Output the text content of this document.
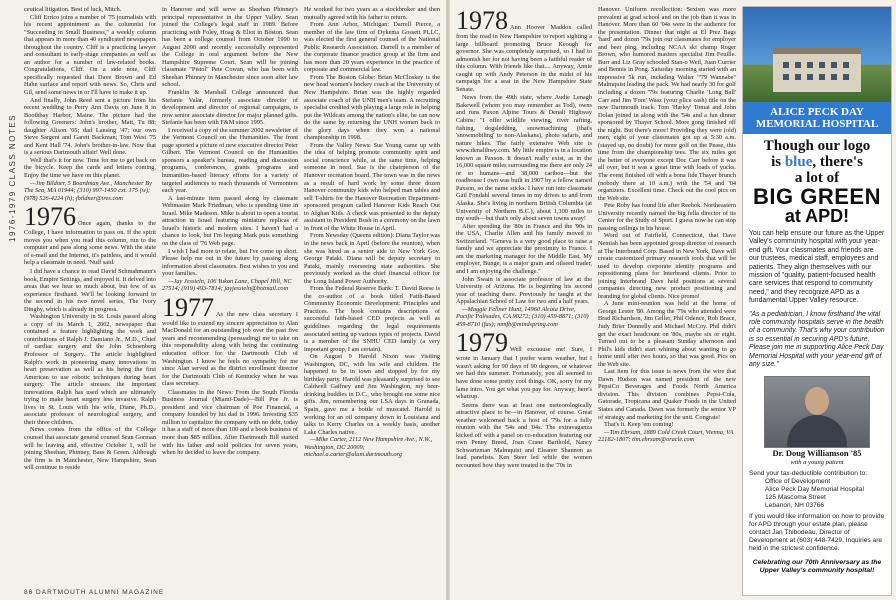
1976-1979 CLASS NOTES

ceutical litigation. Best of luck, Mitch.

Cliff Errico joins a number of '75 journalists with his recent appointment as the columnist for "Succeeding in Small Business," a weekly column that appears in more than 40 syndicated newspapers throughout the country. Cliff is a practicing lawyer and consultant to early-stage companies as well as an author for a number of law-related books. Congratulations, Cliff. On a side note, Cliff specifically requested that Dave Brown and Ed Hahn surface and report with news. So, Chris and Gil, send some news in or I'll have to make it up.

And finally, John Reed sent a picture from his recent wedding to Perry Ann Davis on June 8 in Boothbay Harbor, Maine. The picture had the following Greeners: John's brother, Matt, Tu 88; daughter Alison '05; dad Lansing '47; our own Steve Sargent and Garett Backman; Tom West '75 and Kent Hall '74. John's brother-in-law. Now that is a serious Dartmouth affair! Well done.

Well that's it for now. Time for me to get back on the bicycle. Keep the cards and letters coming. Enjoy the time we have on this planet.

—Jim Bildner, 5 Boardman Ave., Manchester By The Sea, MA 01944; (310) 997-1450 ext. 175 (w); (978) 526-4224 (h); jbildner@ires.com

1976 Once again, thanks to the College, I have information to pass on. If the spirit moves you when you read this column, run to the computer and pass along some news. With the state of e-mail and the Internet, it's painless, and it would help a classmate in need. 'Nuff said.

I did have a chance to read David Schmahmann's book, Empire Settings, and enjoyed it. It delved into areas that we hear so much about, but few of us experience firsthand. We'll be looking forward to the second in his two novel series, The Ivory Dinghy, which is already in progress.

Washington University in St. Louis passed along a copy of its March 1, 2002, newspaper that contained a feature highlighting the work and contributions of Ralph J. Damiano Jr., M.D., Chief of cardiac surgery and the John Schoenberg Professor of Surgery. The article highlighted Ralph's work in pioneering many innovations in heart preservation as well as his being the first American to use robotic techniques during heart surgery. The article stresses the important innovations Ralph has used which are ultimately trying to make heart surgery less invasive. Ralph lives in St. Louis with his wife, Diane, Ph.D., associate professor of neurological surgery, and their three children.

News comes from the office of the College counsel that associate general counsel Sean Gorman will be leaving and, effective October 1, will be joining Sheehan, Phinney, Bass & Green. Although the firm is in Manchester, New Hampshire, Sean will continue to reside

in Hanover and will serve as Sheehan Phinney's principal representative in the Upper Valley. Sean joined the College's legal staff in 1989. Before practicing with Foley, Hoag & Eliot in Boston. Sean has been a college counsel from October 1990 to August 2000 and recently successfully represented the College in oral argument before the New Hampshire Supreme Court. Sean will be joining classmate "Pistol" Pete Cowan, who has been with Sheehan Phinney in Manchester since soon after law school.

Franklin & Marshall College announced that Stefanie Valar, formerly associate director of development and director of regional campaigns, is now senior associate director for major planned gifts. Stefanie has been with F&M since 1995.

I received a copy of the summer 2002 newsletter of the Vermont Council on the Humanities. The front page sported a picture of new executive director Peter Gilbert. The Vermont Council on the Humanities sponsors a speaker's bureau, reading and discussion programs, conferences, grants programs and humanities-based literacy efforts for a variety of targeted audiences to reach thousands of Vermonters each year.

A last-minute item passed along by classmate Webmaster Mark Friedman, who is spending time in Israel. Mike Madeson. Mike is about to open a tourist attraction in Israel featuring miniature replicas of Israel's historic and modern sites. I haven't had a chance to look, but I'm hoping Mark puts something on the class of '76 Web page.

I wish I had more to relate, but I've come up short. Please help me out in the future by passing along information about classmates. Best wishes to you and your families.

—Jay Jessieln, 106 Yukon Lane, Chapel Hill, NC 27514; (919) 493-7814; jayjessieln@hotmail.com

1977 As the new class secretary I would like to extend my sincere appreciation to Alan MacDonald for an outstanding job over the past five years and recommending (persuading) me to take on this responsibility along with being the continuing education officer for the Dartmouth Club of Washington. I know he feels no sympathy for me since Alan served as the district enrollment director for the Dartmouth Club of Kentucky when he was class secretary.

Classmates in the News: From the South Florida Business Journal (Miami-Dade)—Bill Poe Jr. is president and vice chairman of Poe Financial, a company founded by his dad in 1996. Investing $35 million to capitalize the company with no debt, today it has a staff of more than 100 and a book business of more than $85 million. After Dartmouth Bill started with his father and sold policies for seven years, when he decided to leave the company.

He worked for two years as a stockbroker and then mutually agreed with his father to return.

From Ann Arbor, Michigan: Darrell Pierce, a member of the law firm of Dykema Gossett PLLC, was elected the first general counsel of the National Public Research Association. Darrell is a member of the corporate finance practice group at the firm and has more than 20 years experience in the practice of corporate and commercial law.

From The Boston Globe: Brian McCloskey is the new head women's hockey coach at the University of New Hampshire. Brian was the highly regarded associate coach of the UNH men's team. A recruiting specialist credited with playing a large role in helping put the Wildcats among the nation's elite, he can now do the same by returning the UNH women back to the glory days when they won a national championship in 1998.

From the Valley News: Sue Young came up with the idea of helping promote community spirit and social conscience while, at the same time, helping someone in need. Sue is the chairperson of the Hanover recreation board. The town was in the news as a result of hard work by some three dozen Hanover community kids who helped man tables and sell T-shirts for the Hanover Recreation Department-sponsored program called Hanover Kids Reach Out to Afghan Kids. A check was presented to the deputy assistant to President Bush in a ceremony on the lawn in front of the White House in April.

From Newsday (Queens edition): Diana Taylor was in the news back in April (before the reunion), when she was hired as a senior aide to New York Gov. George Pataki. Diana will be deputy secretary to Pataki, mainly overseeing state authorities. She previously worked as the chief financial officer for the Long Island Power Authority.

From the Federal Reserve Bank: T. David Reese is the co-author of a book titled Faith-Based Community Economic Development: Principles and Practices. The book contains descriptions of successful faith-based CED projects as well as guidelines regarding the legal requirements associated setting up various types of projects. David is a member of the SNHU CED family (a very important group, I am certain).

On August 9 Harold Nixon was visiting Washington, DC, with his wife and children. He happened to be in town and stopped by for my birthday party. Harold was pleasantly surprised to see Caldwell Gaffney and Jim Washington, my beer-drinking buddies in D.C., who brought me some nice gifts. Jim, remembering our LSA days in Granada, Spain, gave me a bottle of muscatel. Harold is working for an oil company down in Louisiana and talks to Kerry Charles on a weekly basis, another Lake Charles native.

—Mike Carter, 2112 New Hampshire Ave., N.W., Washington, DC 20009; michael.a.carter@alum.dartmouth.org

86 DARTMOUTH ALUMNI MAGAZINE
1978 Ann Hoover Maddox called from the road in New Hampshire to report sighting a large billboard promoting Bruce Keough for governor. She was completely surprised, so I had to admonish her for not having been a faithful reader of this column. With friends like that.... Anyway, Annie caught up with Andy Peterson in the midst of his campaign for a seat in the New Hampshire State Senate.

News from the 49th state, where Audie Lenagh Bakewell (whom you may remember as Tod), owns and runs Paxon Alpine Tours & Denali Highway Cabins: "I offer wildlife viewing, river rafting, fishing, dogsledding, snowmachining (that's 'snowmobiling' to non-Alaskans), photo safaris, and nature hikes. The fairly extensive Web site is www.denalihwy.com. My little empire is in a location known as Paxson. It doesn't really exist, as in the 16,000 square miles surrounding me there are only 24 or so humans—and 38,000 caribou—but the roadhouse I own was built in 1907 by a fellow named Paxson, so the name sticks. I have run into classmate Gail Fondahl several times in my drives to and from Alaska. She's living in northern British Columbia (at University of Northern B.C.), about 1,300 miles to my south—but that's only about seven towns away!

After spending the '80s in France and the '90s in the USA, Charlie Allen and his family moved to Switzerland. "Geneva is a very good place to raise a family and we appreciate the proximity to France. I am the marketing manager for the Middle East. My employer, Bunge, is a major grain and oilseed trader, and I am enjoying the challenge."

John Swain is associate professor of law at the University of Arizona. He is beginning his second year of teaching there. Previously he taught at the Appalachian School of Law for two and a half years.

—Maggie Fellner Hunt, 14960 Alcata Drive, Pacific Palisades, CA 90272; (310) 459-8871; (310) 459-8710 (fax); mmfh@mindspring.com

1979 Well excuuuse me! Sure, I wrote in January that I prefer warm weather, but I wasn't asking for 90 days of 90 degrees, or whatever we had this summer. Fortunately, you all seemed to have done some pretty cool things. OK, sorry for my lame intro. You get what you pay for. Anyway, here's whatzup.

Seems there was at least one meteorologically attractive place to be—in Hanover, of course. Great weather welcomed back a host of '79s for a fully reunion with the '54s and '04s. The extravaganza kicked off with a panel on co-education featuring our own Penny Breed, Joan Crane Barthold, Nancy Schwartzman Malmquist and Eleanor Shannon as lead panelists. Ken Steer led while the women recounted how they were treated in the '70s in

Hanover. Uniform recollection: Sexism was more prevalent at grad school and on the job than it was in Hanover. More than 60 '04s were in the audience for the presentation. Dinner that night at El Prez Bags 'hard' and dozen '79s join our classmates for employer and beer ping, including NCAA ski champ Roger Brown, who humored masters specialist Jim Feuille. Burr and Liz Gray schooled Stan-o Weil, Juan Currier and Bennis in Pong. Saturday morning started with an impressive 5k run, including Walter "'79 Wannabe" Malmquist leading the pack. We had nearly 30 for golf including a dozen '79s featuring Charlie 'Long Ball' Carr and Jim 'Fore' Wasz (your plice cash) title on the new Dartmouth track. Tom 'Harley' Tomai and John Dolan joined in along with the '54s and a fun dinner sponsored by Thayer School. More gong finished off the night. But there's more! Providing they were (old) men, eight of your classmates got up at 5:30 a.m. (stayed up, no doubt) for more golf on the Pease, this time from the championship tees. The six miles got the better of everyone except Doc Carr before it was all over, but it was a great time with loads of yucks. The event finished off with a bona fide Thayer brunch (nobody there at 10 a.m.) with the '54 and '04 organizers. Excellent time. Check out the cool pics on the Web site.

Pete Roby has found life after Reebok. Northeastern University recently named the big fella director of its Center for the Study of Sport. I guess now he can stop passing ceilings in his house.

Word out of Fairfield, Connecticut, that Dave Nemiah has been appointed group director of research at The Interbrand Corp. Based in New York, Dave will create customized primary research tools that will be used to develop corporate identity programs and repositioning plans for Interbrand clients. Prior to joining Interbrand Dave held positions at several companies directing new product positioning and branding for global clients. Nice promo!

A June mini-reunion was held at the home of George Lester '80. Among the '79s who attended were Brad Richardson, Jim Geller, Phil Odence, Rob Brace, Judy Brier Donnelly and Michael McCoy. Phil didn't get the exact headcount on '80s, maybe six or eight. Turned out to be a pleasant Sunday afternoon and Phil's kids didn't start whining about wanting to go home until after two hours, so that was good. Pics on the Web site.

Last item for this issue is news from the wire that Dawn Hudson was named president of the new PepsiCo Beverages and Foods North America division. This division combines Pepsi-Cola, Gatorade, Tropicana and Quaker Foods in the United States and Canada. Dawn was formerly the senior VP of strategy and marketing for the unit. Congrats!

That's it. Keep 'em coming!

—Tim Ehrsam, 1889 Cold Creek Court, Vienna, VA 22182-1807; tim.ehrsam@oracle.com

ALICE PECK DAY
MEMORIAL HOSPITAL
Though our logo
is blue, there's
a lot of
BIG GREEN
at APD!
You can help ensure our future as the Upper Valley's community hospital with your year-end gift. Your classmates and friends are our trustees, medical staff, employees and patients. They align themselves with our mission of "quality, patient-focused health care services that respond to community need," and they recognize APD as a fundamental Upper Valley resource.
"As a pediatrician, I know firsthand the vital role community hospitals serve in the health of a community. That's why your contribution is so essential in securing APD's future. Please join me in supporting Alice Peck Day Memorial Hospital with your year-end gift of any size."
Dr. Doug Williamson '85
with a young patient
Send your tax-deductible contribution to:
Office of Development
Alice Peck Day Memorial Hospital
125 Mascoma Street
Lebanon, NH 03766
If you would like information on how to provide for APD through your estate plan, please contact Jan Thibodeau, Director of Development at (603) 448-7429. Inquiries are held in the strictest confidence.
Celebrating our 70th Anniversary as the Upper Valley's community hospital!
